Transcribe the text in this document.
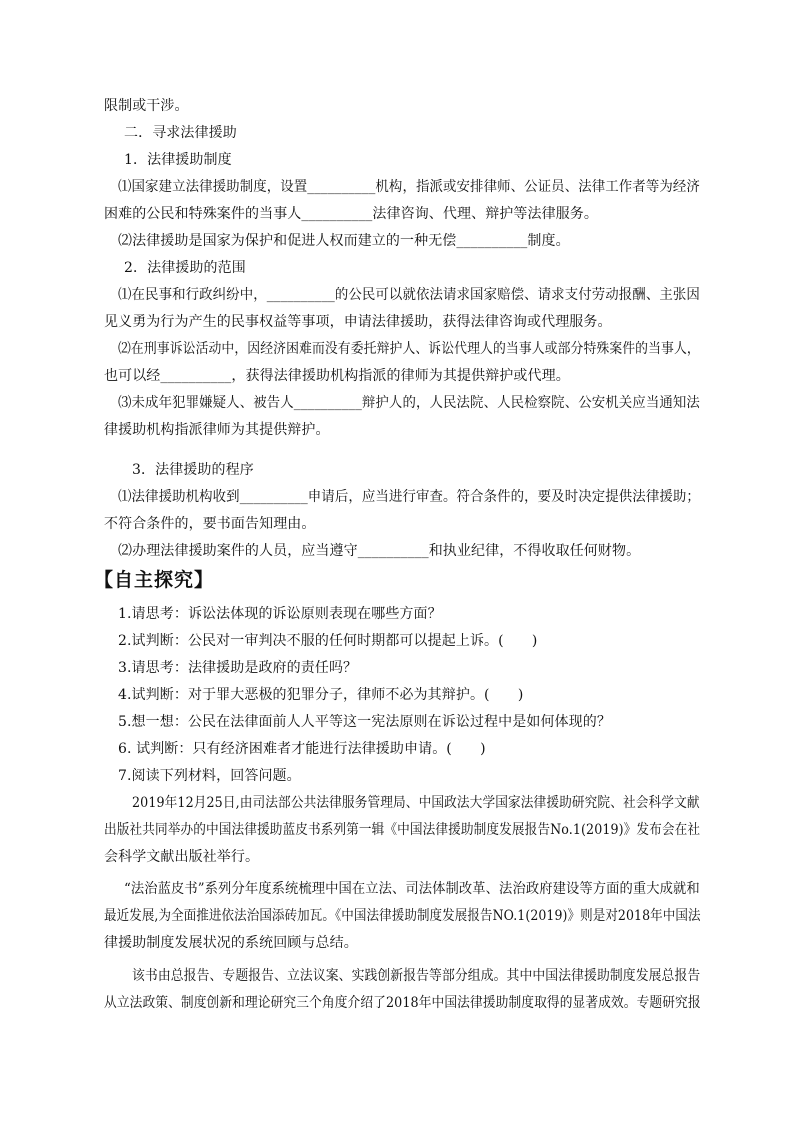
限制或干涉。
二．寻求法律援助
1．法律援助制度
⑴国家建立法律援助制度，设置__________机构，指派或安排律师、公证员、法律工作者等为经济
困难的公民和特殊案件的当事人__________法律咨询、代理、辩护等法律服务。
⑵法律援助是国家为保护和促进人权而建立的一种无偿__________制度。
2．法律援助的范围
⑴在民事和行政纠纷中，__________的公民可以就依法请求国家赔偿、请求支付劳动报酬、主张因
见义勇为行为产生的民事权益等事项，申请法律援助，获得法律咨询或代理服务。
⑵在刑事诉讼活动中，因经济困难而没有委托辩护人、诉讼代理人的当事人或部分特殊案件的当事人，
也可以经__________，获得法律援助机构指派的律师为其提供辩护或代理。
⑶未成年犯罪嫌疑人、被告人__________辩护人的，人民法院、人民检察院、公安机关应当通知法
律援助机构指派律师为其提供辩护。
3．法律援助的程序
⑴法律援助机构收到__________申请后，应当进行审查。符合条件的，要及时决定提供法律援助；
不符合条件的，要书面告知理由。
⑵办理法律援助案件的人员，应当遵守__________和执业纪律，不得收取任何财物。
【自主探究】
1.请思考：诉讼法体现的诉讼原则表现在哪些方面？
2.试判断：公民对一审判决不服的任何时期都可以提起上诉。(　　)
3.请思考：法律援助是政府的责任吗？
4.试判断：对于罪大恶极的犯罪分子，律师不必为其辩护。(　　)
5.想一想：公民在法律面前人人平等这一宪法原则在诉讼过程中是如何体现的？
6. 试判断：只有经济困难者才能进行法律援助申请。(　　)
7.阅读下列材料，回答问题。
2019年12月25日,由司法部公共法律服务管理局、中国政法大学国家法律援助研究院、社会科学文献
出版社共同举办的中国法律援助蓝皮书系列第一辑《中国法律援助制度发展报告No.1(2019)》发布会在社
会科学文献出版社举行。
“法治蓝皮书”系列分年度系统梳理中国在立法、司法体制改革、法治政府建设等方面的重大成就和
最近发展,为全面推进依法治国添砖加瓦。《中国法律援助制度发展报告NO.1(2019)》则是对2018年中国法
律援助制度发展状况的系统回顾与总结。
该书由总报告、专题报告、立法议案、实践创新报告等部分组成。其中中国法律援助制度发展总报告
从立法政策、制度创新和理论研究三个角度介绍了2018年中国法律援助制度取得的显著成效。专题研究报
